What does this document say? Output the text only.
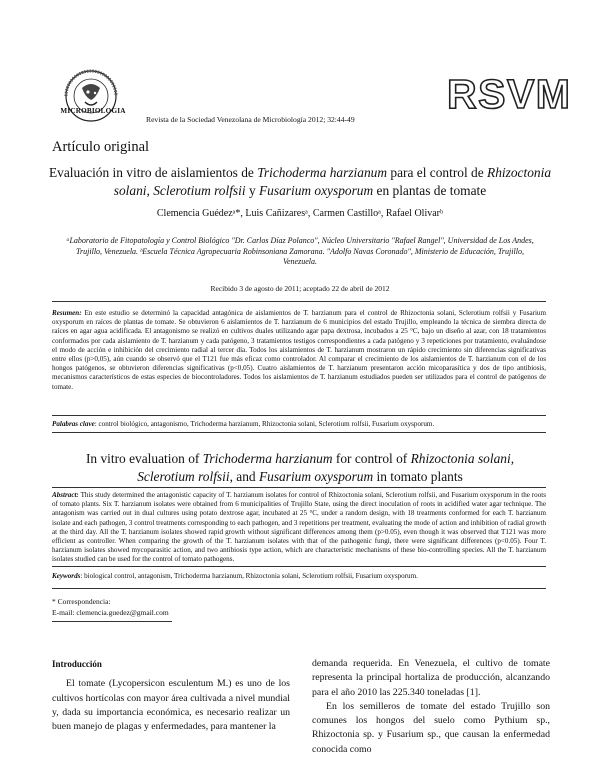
MICROBIOLOGIA
Revista de la Sociedad Venezolana de Microbiología 2012; 32:44-49
RSVM
Artículo original
Evaluación in vitro de aislamientos de Trichoderma harzianum para el control de Rhizoctonia solani, Sclerotium rolfsii y Fusarium oxysporum en plantas de tomate
Clemencia Guédezᵃ*, Luis Cañizaresᵃ, Carmen Castilloᵃ, Rafael Olivarᵇ
ᵃLaboratorio de Fitopatología y Control Biológico "Dr. Carlos Díaz Polanco", Núcleo Universitario "Rafael Rangel", Universidad de Los Andes, Trujillo, Venezuela. ᵇEscuela Técnica Agropecuaria Robinsoniana Zamorana. "Adolfo Navas Coronado", Ministerio de Educación, Trujillo, Venezuela.
Recibido 3 de agosto de 2011; aceptado 22 de abril de 2012
Resumen: En este estudio se determinó la capacidad antagónica de aislamientos de T. harzianum para el control de Rhizoctonia solani, Sclerotium rolfsii y Fusarium oxysporum en raíces de plantas de tomate. Se obtuvieron 6 aislamientos de T. harzianum de 6 municipios del estado Trujillo, empleando la técnica de siembra directa de raíces en agar agua acidificada. El antagonismo se realizó en cultivos duales utilizando agar papa dextrosa, incubados a 25 °C, bajo un diseño al azar, con 18 tratamientos conformados por cada aislamiento de T. harzianum y cada patógeno, 3 tratamientos testigos correspondientes a cada patógeno y 3 repeticiones por tratamiento, evaluándose el modo de acción e inhibición del crecimiento radial al tercer día. Todos los aislamientos de T. harzianum mostraron un rápido crecimiento sin diferencias significativas entre ellos (p>0,05), aún cuando se observó que el T121 fue más eficaz como controlador. Al comparar el crecimiento de los aislamientos de T. harzianum con el de los hongos patógenos, se obtuvieron diferencias significativas (p<0,05). Cuatro aislamientos de T. harzianum presentaron acción micoparasítica y dos de tipo antibiosis, mecanismos característicos de estas especies de biocontroladores. Todos los aislamientos de T. harzianum estudiados pueden ser utilizados para el control de patógenos de tomate.
Palabras clave: control biológico, antagonismo, Trichoderma harzianum, Rhizoctonia solani, Sclerotium rolfsii, Fusarium oxysporum.
In vitro evaluation of Trichoderma harzianum for control of Rhizoctonia solani,
Sclerotium rolfsii, and Fusarium oxysporum in tomato plants
Abstract: This study determined the antagonistic capacity of T. harzianum isolates for control of Rhizoctonia solani, Sclerotium rolfsii, and Fusarium oxysporum in the roots of tomato plants. Six T. harzianum isolates were obtained from 6 municipalities of Trujillo State, using the direct inoculation of roots in acidified water agar technique. The antagonism was carried out in dual cultures using potato dextrose agar, incubated at 25 °C, under a random design, with 18 treatments conformed for each T. harzianum isolate and each pathogen, 3 control treatments corresponding to each pathogen, and 3 repetitions per treatment, evaluating the mode of action and inhibition of radial growth at the third day. All the T. harzianum isolates showed rapid growth without significant differences among them (p>0.05), even though it was observed that T121 was more efficient as controller. When comparing the growth of the T. harzianum isolates with that of the pathogenic fungi, there were significant differences (p<0.05). Four T. harzianum isolates showed mycoparasitic action, and two antibiosis type action, which are characteristic mechanisms of these bio-controlling species. All the T. harzianum isolates studied can be used for the control of tomato pathogens.
Keywords: biological control, antagonism, Trichoderma harzianum, Rhizoctonia solani, Sclerotium rolfsii, Fusarium oxysporum.
* Correspondencia:
E-mail: clemencia.guedez@gmail.com
Introducción

El tomate (Lycopersicon esculentum M.) es uno de los cultivos hortícolas con mayor área cultivada a nivel mundial y, dada su importancia económica, es necesario realizar un buen manejo de plagas y enfermedades, para mantener la

demanda requerida. En Venezuela, el cultivo de tomate representa la principal hortaliza de producción, alcanzando para el año 2010 las 225.340 toneladas [1].

En los semilleros de tomate del estado Trujillo son comunes los hongos del suelo como Pythium sp., Rhizoctonia sp. y Fusarium sp., que causan la enfermedad conocida como
